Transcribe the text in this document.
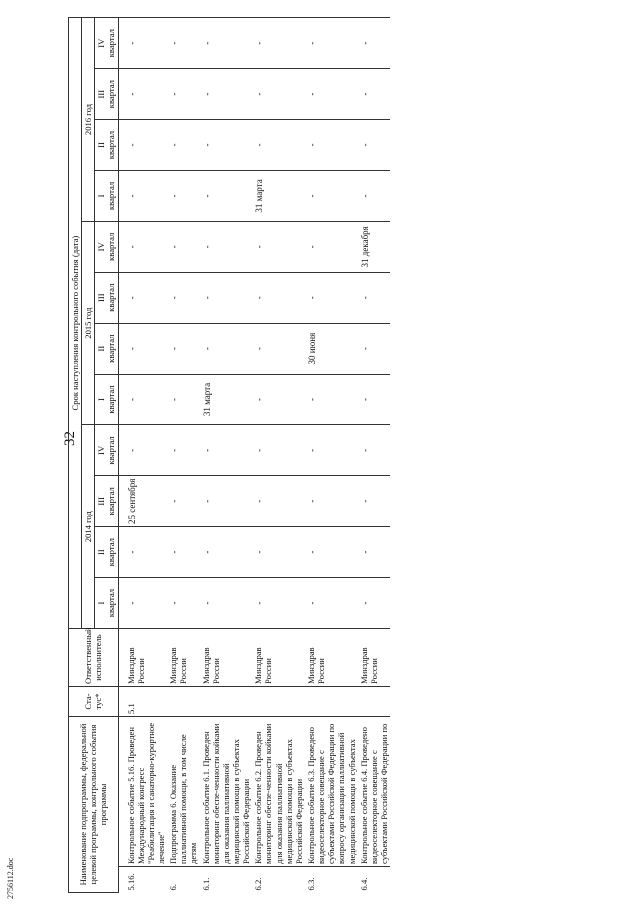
32
2756112.doc	Наименование подпрограммы, федеральной целевой программы, контрольного события программы		Ста-тус*	Ответственный исполнитель	Срок наступления контрольного события (дата)											
				2014 год				2015 год				2016 год			

				I квартал	II квартал	III квартал	IV квартал	I квартал	II квартал	III квартал	IV квартал	I квартал	II квартал	III квартал	IV квартал

5.16.	Контрольное событие 5.16. Проведен Международный конгресс "Реабилитация и санаторно-курортное лечение"	5.1	Минздрав России	-	-	25 сентября	-	-	-	-	-	-	-	-	-
6.	Подпрограмма 6. Оказание паллиативной помощи, в том числе детям		Минздрав России	-	-	-	-	-	-	-	-	-	-	-	-
6.1.	Контрольное событие 6.1. Проведен мониторинг обеспе-ченности койками для оказания паллиативной медицинской помощи в субъектах Российской Федерации		Минздрав России	-	-	-	-	31 марта	-	-	-	-	-	-	-
6.2.	Контрольное событие 6.2. Проведен мониторинг обеспе-ченности койками для оказания паллиативной медицинской помощи в субъектах Российской Федерации		Минздрав России	-	-	-	-	-	-	-	-	31 марта	-	-	-
6.3.	Контрольное событие 6.3. Проведено видеоселекторное совещание с субъектами Российской Федерации по вопросу организации паллиативной медицинской помощи в субъектах		Минздрав России	-	-	-	-	-	30 июня	-	-	-	-	-	-
6.4.	Контрольное событие 6.4. Проведено видеоселекторное совещание с субъектами Российской Федерации по		Минздрав России	-	-	-	-	-	-	-	31 декабря	-	-	-	-
